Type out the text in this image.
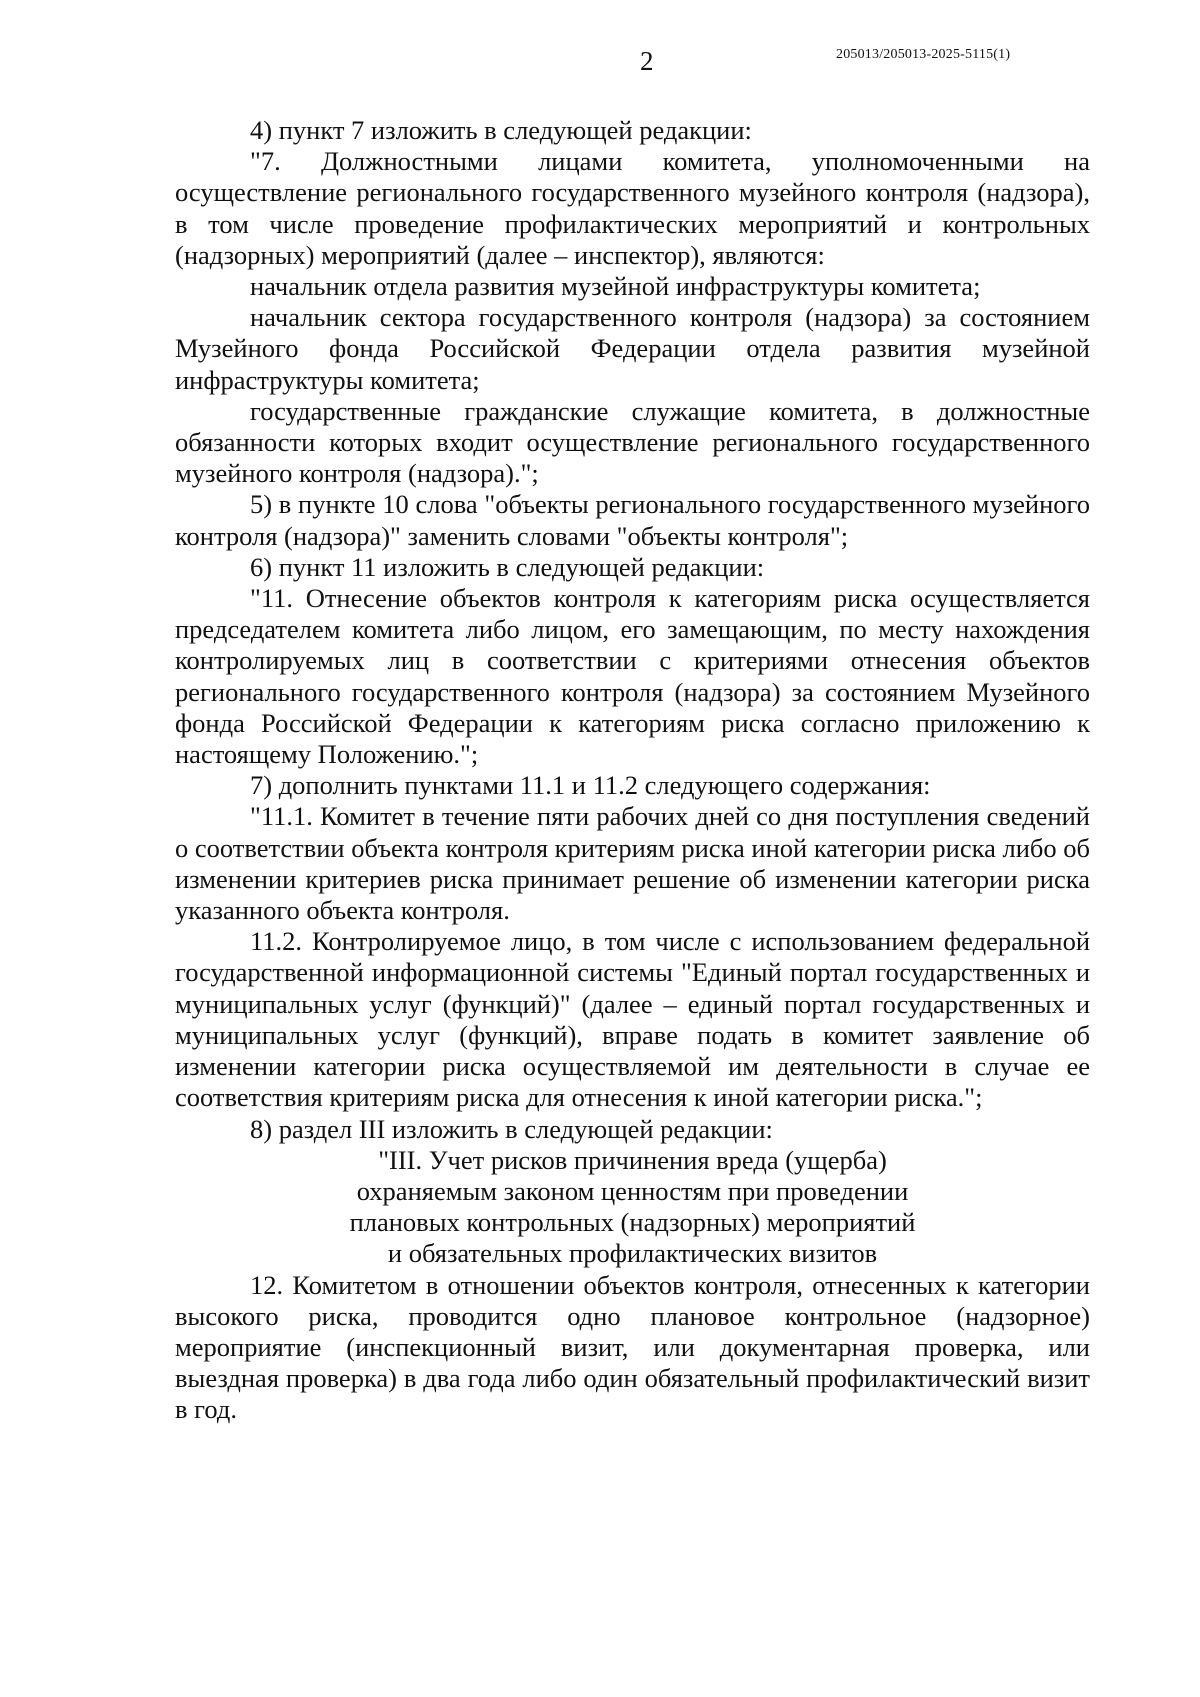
2	205013/205013-2025-5115(1)

4) пункт 7 изложить в следующей редакции:

"7. Должностными лицами комитета, уполномоченными на осуществление регионального государственного музейного контроля (надзора), в том числе проведение профилактических мероприятий и контрольных (надзорных) мероприятий (далее – инспектор), являются:

начальник отдела развития музейной инфраструктуры комитета;

начальник сектора государственного контроля (надзора) за состоянием Музейного фонда Российской Федерации отдела развития музейной инфраструктуры комитета;

государственные гражданские служащие комитета, в должностные обязанности которых входит осуществление регионального государственного музейного контроля (надзора).";

5) в пункте 10 слова "объекты регионального государственного музейного контроля (надзора)" заменить словами "объекты контроля";

6) пункт 11 изложить в следующей редакции:

"11. Отнесение объектов контроля к категориям риска осуществляется председателем комитета либо лицом, его замещающим, по месту нахождения контролируемых лиц в соответствии с критериями отнесения объектов регионального государственного контроля (надзора) за состоянием Музейного фонда Российской Федерации к категориям риска согласно приложению к настоящему Положению.";

7) дополнить пунктами 11.1 и 11.2 следующего содержания:

"11.1. Комитет в течение пяти рабочих дней со дня поступления сведений о соответствии объекта контроля критериям риска иной категории риска либо об изменении критериев риска принимает решение об изменении категории риска указанного объекта контроля.

11.2. Контролируемое лицо, в том числе с использованием федеральной государственной информационной системы "Единый портал государственных и муниципальных услуг (функций)" (далее – единый портал государственных и муниципальных услуг (функций), вправе подать в комитет заявление об изменении категории риска осуществляемой им деятельности в случае ее соответствия критериям риска для отнесения к иной категории риска.";

8) раздел III изложить в следующей редакции:

"III. Учет рисков причинения вреда (ущерба)
охраняемым законом ценностям при проведении
плановых контрольных (надзорных) мероприятий
и обязательных профилактических визитов

12. Комитетом в отношении объектов контроля, отнесенных к категории высокого риска, проводится одно плановое контрольное (надзорное) мероприятие (инспекционный визит, или документарная проверка, или выездная проверка) в два года либо один обязательный профилактический визит в год.
